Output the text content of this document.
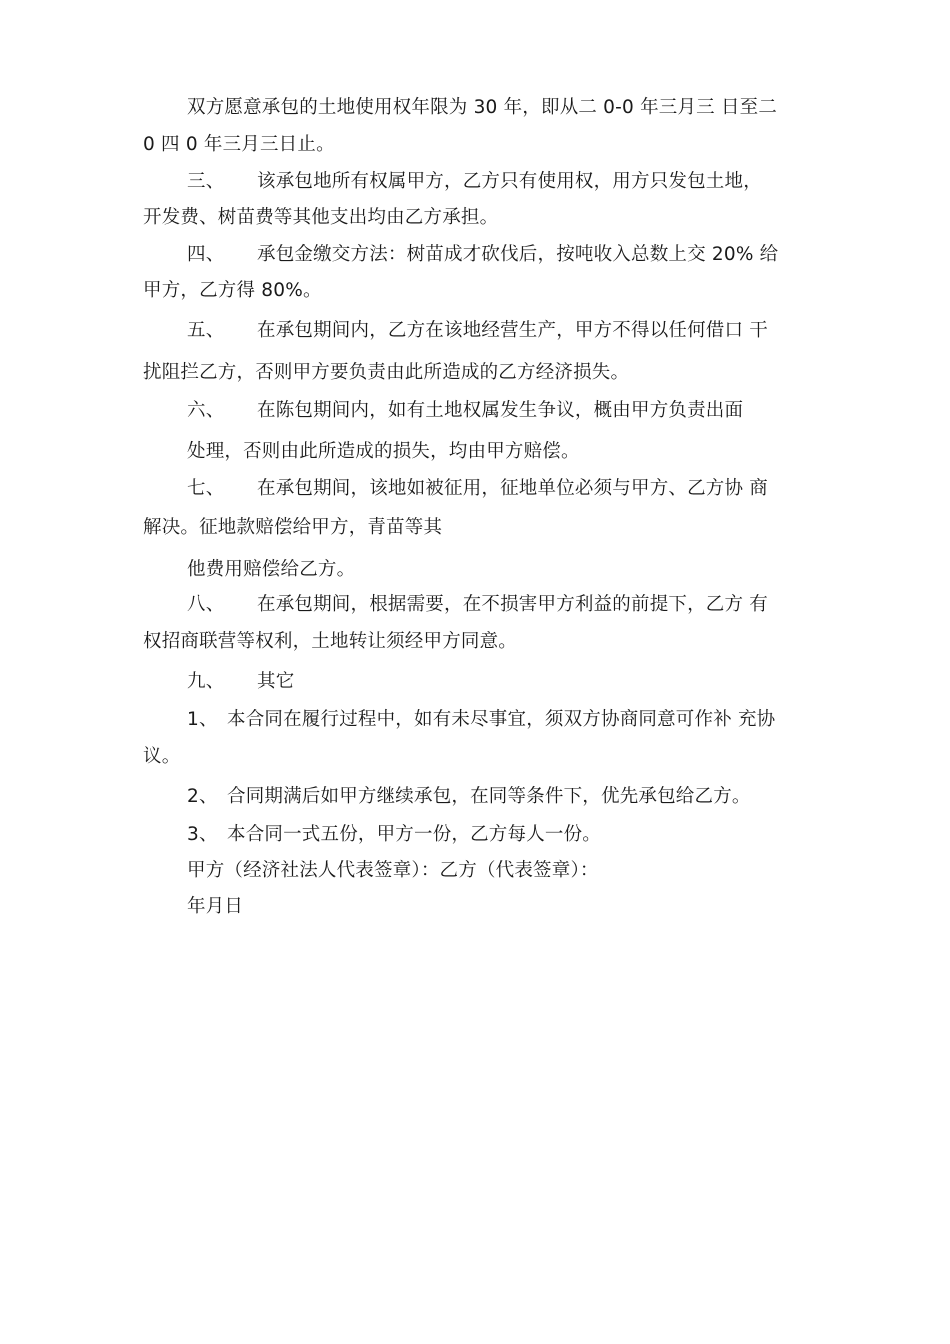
双方愿意承包的土地使用权年限为 30 年，即从二 0-0 年三月三 日至二
0 四 0 年三月三日止。
三、 该承包地所有权属甲方，乙方只有使用权，用方只发包土地，
开发费、树苗费等其他支出均由乙方承担。
四、 承包金缴交方法：树苗成才砍伐后，按吨收入总数上交 20% 给
甲方，乙方得 80%。
五、 在承包期间内，乙方在该地经营生产，甲方不得以任何借口 干
扰阻拦乙方，否则甲方要负责由此所造成的乙方经济损失。
六、 在陈包期间内，如有土地权属发生争议，概由甲方负责出面
处理，否则由此所造成的损失，均由甲方赔偿。
七、 在承包期间，该地如被征用，征地单位必须与甲方、乙方协 商
解决。征地款赔偿给甲方，青苗等其
他费用赔偿给乙方。
八、 在承包期间，根据需要，在不损害甲方利益的前提下，乙方 有
权招商联营等权利，土地转让须经甲方同意。
九、 其它
1、 本合同在履行过程中，如有未尽事宜，须双方协商同意可作补 充协
议。
2、 合同期满后如甲方继续承包，在同等条件下，优先承包给乙方。
3、 本合同一式五份，甲方一份，乙方每人一份。
甲方（经济社法人代表签章）：乙方（代表签章）：
年月日
